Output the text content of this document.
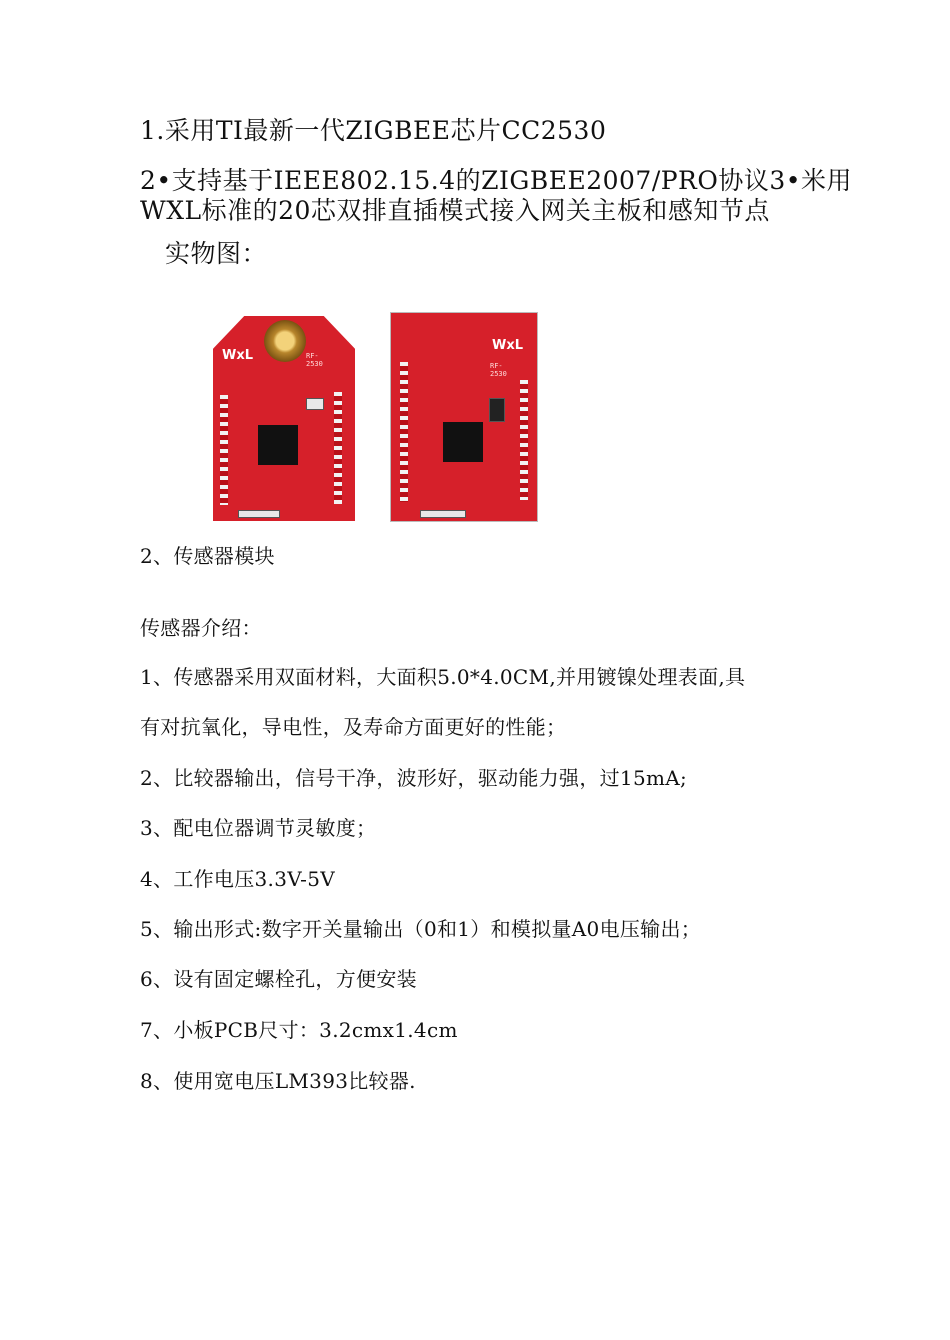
1.采用TI最新一代ZIGBEE芯片CC2530
2•支持基于IEEE802.15.4的ZIGBEE2007/PRO协议3•米用
WXL标准的20芯双排直插模式接入网关主板和感知节点
实物图：
WxL	RF-2530
WxL
RF-2530
2、传感器模块
传感器介绍：
1、传感器采用双面材料，大面积5.0*4.0CM,并用镀镍处理表面,具
有对抗氧化，导电性，及寿命方面更好的性能；
2、比较器输出，信号干净，波形好，驱动能力强，过15mA;
3、配电位器调节灵敏度；
4、工作电压3.3V-5V
5、输出形式:数字开关量输出（0和1）和模拟量A0电压输出；
6、设有固定螺栓孔，方便安装
7、小板PCB尺寸：3.2cmx1.4cm
8、使用宽电压LM393比较器.
